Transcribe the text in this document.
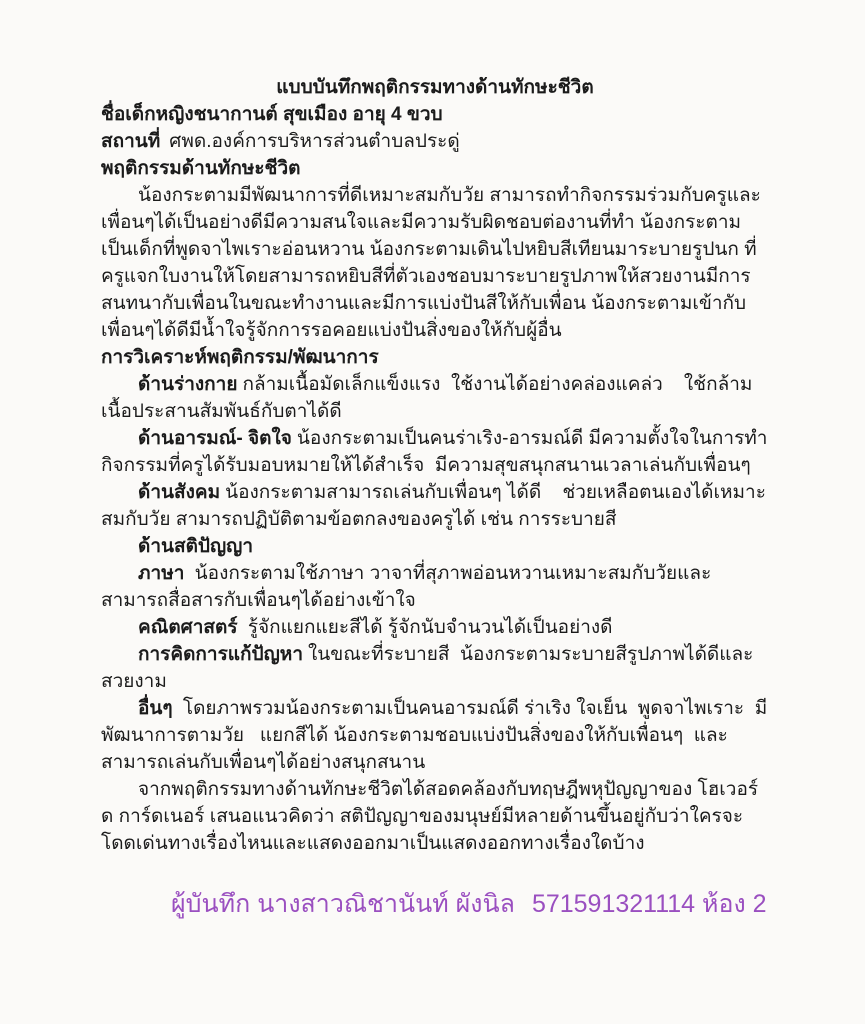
แบบบันทึกพฤติกรรมทางด้านทักษะชีวิต

ชื่อเด็กหญิงชนากานต์ สุขเมือง อายุ 4 ขวบ

สถานที่ ศพด.องค์การบริหารส่วนตำบลประดู่

พฤติกรรมด้านทักษะชีวิต

น้องกระตามมีพัฒนาการที่ดีเหมาะสมกับวัย สามารถทำกิจกรรมร่วมกับครูและเพื่อนๆได้เป็นอย่างดีมีความสนใจและมีความรับผิดชอบต่องานที่ทำ น้องกระตามเป็นเด็กที่พูดจาไพเราะอ่อนหวาน น้องกระตามเดินไปหยิบสีเทียนมาระบายรูปนก ที่ครูแจกใบงานให้โดยสามารถหยิบสีที่ตัวเองชอบมาระบายรูปภาพให้สวยงานมีการสนทนากับเพื่อนในขณะทำงานและมีการแบ่งปันสีให้กับเพื่อน น้องกระตามเข้ากับเพื่อนๆได้ดีมีน้ำใจรู้จักการรอคอยแบ่งปันสิ่งของให้กับผู้อื่น

การวิเคราะห์พฤติกรรม/พัฒนาการ

ด้านร่างกาย กล้ามเนื้อมัดเล็กแข็งแรง  ใช้งานได้อย่างคล่องแคล่ว    ใช้กล้ามเนื้อประสานสัมพันธ์กับตาได้ดี

ด้านอารมณ์- จิตใจ น้องกระตามเป็นคนร่าเริง-อารมณ์ดี มีความตั้งใจในการทำกิจกรรมที่ครูได้รับมอบหมายให้ได้สำเร็จ  มีความสุขสนุกสนานเวลาเล่นกับเพื่อนๆ

ด้านสังคม น้องกระตามสามารถเล่นกับเพื่อนๆ ได้ดี    ช่วยเหลือตนเองได้เหมาะสมกับวัย สามารถปฏิบัติตามข้อตกลงของครูได้ เช่น การระบายสี

ด้านสติปัญญา

ภาษา น้องกระตามใช้ภาษา วาจาที่สุภาพอ่อนหวานเหมาะสมกับวัยและสามารถสื่อสารกับเพื่อนๆได้อย่างเข้าใจ

คณิตศาสตร์ รู้จักแยกแยะสีได้ รู้จักนับจำนวนได้เป็นอย่างดี

การคิดการแก้ปัญหา ในขณะที่ระบายสี  น้องกระตามระบายสีรูปภาพได้ดีและสวยงาม

อื่นๆ โดยภาพรวมน้องกระตามเป็นคนอารมณ์ดี ร่าเริง ใจเย็น  พูดจาไพเราะ  มีพัฒนาการตามวัย   แยกสีได้ น้องกระตามชอบแบ่งปันสิ่งของให้กับเพื่อนๆ  และสามารถเล่นกับเพื่อนๆได้อย่างสนุกสนาน

จากพฤติกรรมทางด้านทักษะชีวิตได้สอดคล้องกับทฤษฎีพหุปัญญาของ โฮเวอร์ด การ์ดเนอร์ เสนอแนวคิดว่า สติปัญญาของมนุษย์มีหลายด้านขึ้นอยู่กับว่าใครจะโดดเด่นทางเรื่องไหนและแสดงออกมาเป็นแสดงออกทางเรื่องใดบ้าง

ผู้บันทึก นางสาวณิชานันท์ ผังนิล 571591321114 ห้อง 2
